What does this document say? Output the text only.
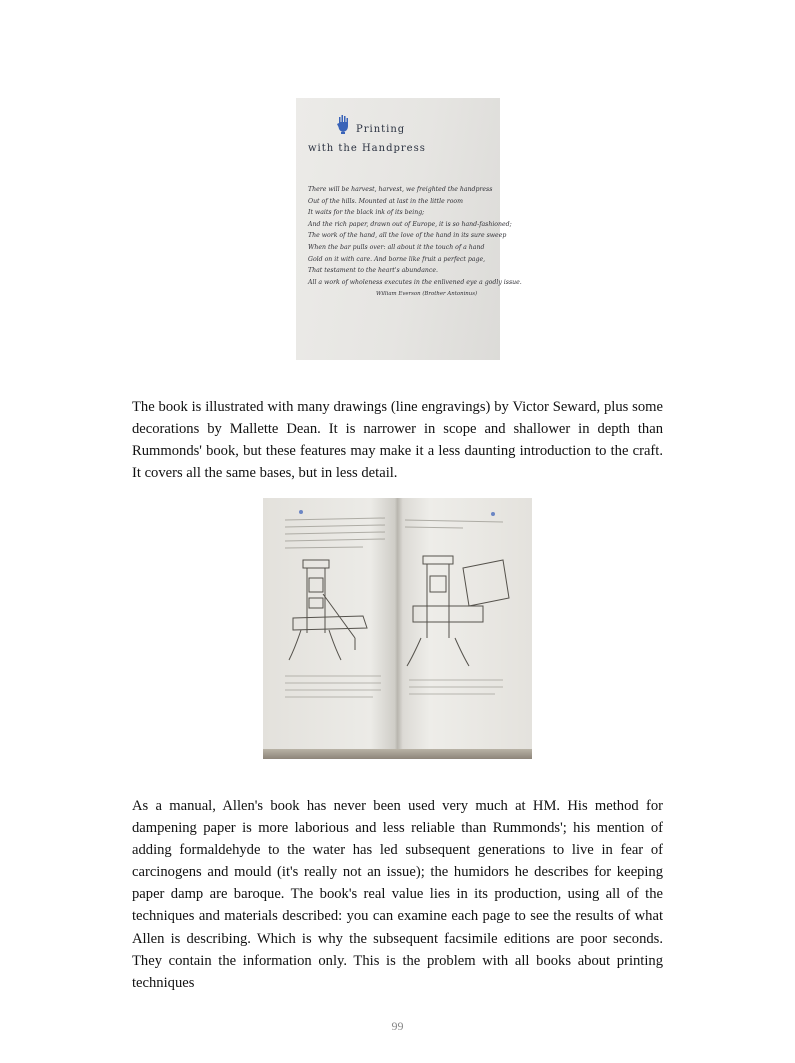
Printing
with the Handpress
There will be harvest, harvest, we freighted the handpress
Out of the hills. Mounted at last in the little room
It waits for the black ink of its being;
And the rich paper, drawn out of Europe, it is so hand-fashioned;
The work of the hand, all the love of the hand in its sure sweep
When the bar pulls over: all about it the touch of a hand
Gold on it with care. And borne like fruit a perfect page,
That testament to the heart's abundance.
All a work of wholeness executes in the enlivened eye a godly issue.
William Everson (Brother Antoninus)

The book is illustrated with many drawings (line engravings) by Victor Seward, plus some decorations by Mallette Dean. It is narrower in scope and shallower in depth than Rummonds' book, but these features may make it a less daunting introduction to the craft. It covers all the same bases, but in less detail.

As a manual, Allen's book has never been used very much at HM. His method for dampening paper is more laborious and less reliable than Rummonds'; his mention of adding formaldehyde to the water has led subsequent generations to live in fear of carcinogens and mould (it's really not an issue); the humidors he describes for keeping paper damp are baroque. The book's real value lies in its production, using all of the techniques and materials described: you can examine each page to see the results of what Allen is describing. Which is why the subsequent facsimile editions are poor seconds. They contain the information only. This is the problem with all books about printing techniques

99
